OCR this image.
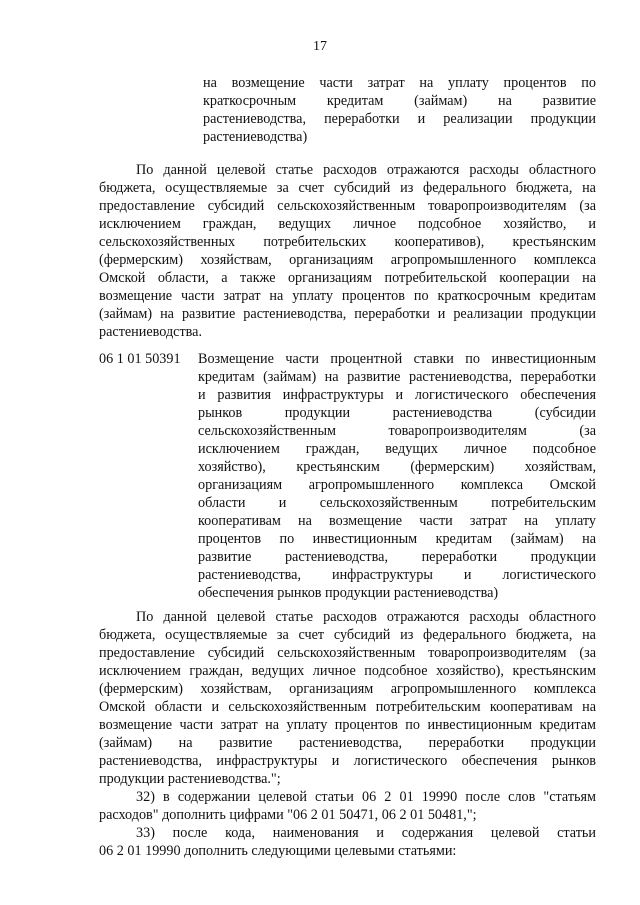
17
на возмещение части затрат на уплату процентов по
краткосрочным кредитам (займам) на развитие
растениеводства, переработки и реализации продукции
растениеводства)
По данной целевой статье расходов отражаются расходы областного
бюджета, осуществляемые за счет субсидий из федерального бюджета, на
предоставление субсидий сельскохозяйственным товаропроизводителям (за
исключением граждан, ведущих личное подсобное хозяйство, и
сельскохозяйственных потребительских кооперативов), крестьянским
(фермерским) хозяйствам, организациям агропромышленного комплекса
Омской области, а также организациям потребительской кооперации на
возмещение части затрат на уплату процентов по краткосрочным кредитам
(займам) на развитие растениеводства, переработки и реализации продукции
растениеводства.
06 1 01 50391 Возмещение части процентной ставки по инвестиционным
кредитам (займам) на развитие растениеводства, переработки
и развития инфраструктуры и логистического обеспечения
рынков продукции растениеводства (субсидии
сельскохозяйственным товаропроизводителям (за
исключением граждан, ведущих личное подсобное
хозяйство), крестьянским (фермерским) хозяйствам,
организациям агропромышленного комплекса Омской
области и сельскохозяйственным потребительским
кооперативам на возмещение части затрат на уплату
процентов по инвестиционным кредитам (займам) на
развитие растениеводства, переработки продукции
растениеводства, инфраструктуры и логистического
обеспечения рынков продукции растениеводства)
По данной целевой статье расходов отражаются расходы областного
бюджета, осуществляемые за счет субсидий из федерального бюджета, на
предоставление субсидий сельскохозяйственным товаропроизводителям (за
исключением граждан, ведущих личное подсобное хозяйство), крестьянским
(фермерским) хозяйствам, организациям агропромышленного комплекса
Омской области и сельскохозяйственным потребительским кооперативам на
возмещение части затрат на уплату процентов по инвестиционным кредитам
(займам) на развитие растениеводства, переработки продукции
растениеводства, инфраструктуры и логистического обеспечения рынков
продукции растениеводства.";
32) в содержании целевой статьи 06 2 01 19990 после слов "статьям
расходов" дополнить цифрами "06 2 01 50471, 06 2 01 50481,";
33) после кода, наименования и содержания целевой статьи
06 2 01 19990 дополнить следующими целевыми статьями:
